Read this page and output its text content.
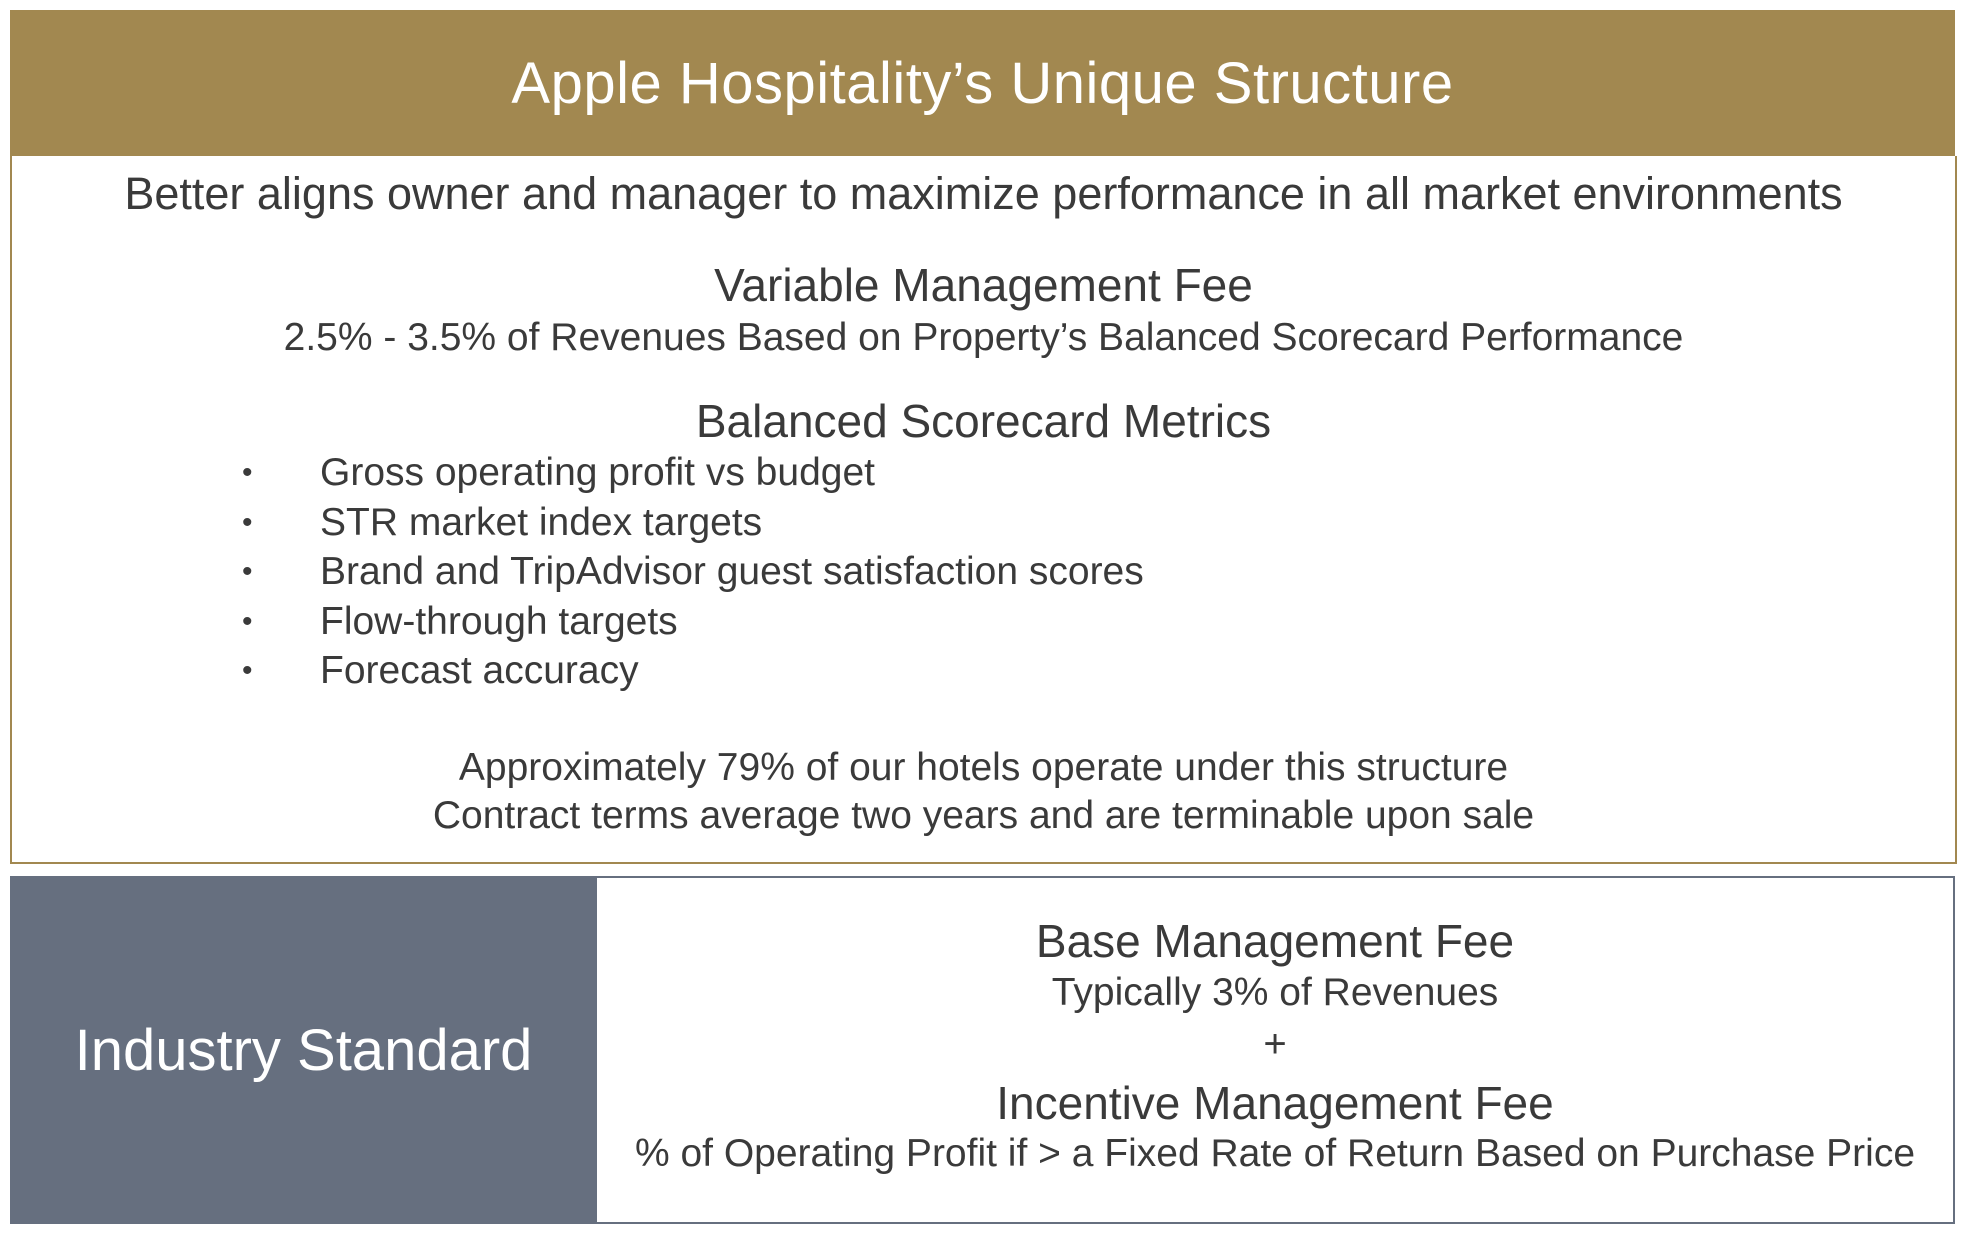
Apple Hospitality’s Unique Structure
Better aligns owner and manager to maximize performance in all market environments
Variable Management Fee
2.5% - 3.5% of Revenues Based on Property’s Balanced Scorecard Performance
Balanced Scorecard Metrics
• Gross operating profit vs budget
• STR market index targets
• Brand and TripAdvisor guest satisfaction scores
• Flow-through targets
• Forecast accuracy
Approximately 79% of our hotels operate under this structure
Contract terms average two years and are terminable upon sale
Industry Standard
Base Management Fee
Typically 3% of Revenues
+
Incentive Management Fee
% of Operating Profit if > a Fixed Rate of Return Based on Purchase Price
